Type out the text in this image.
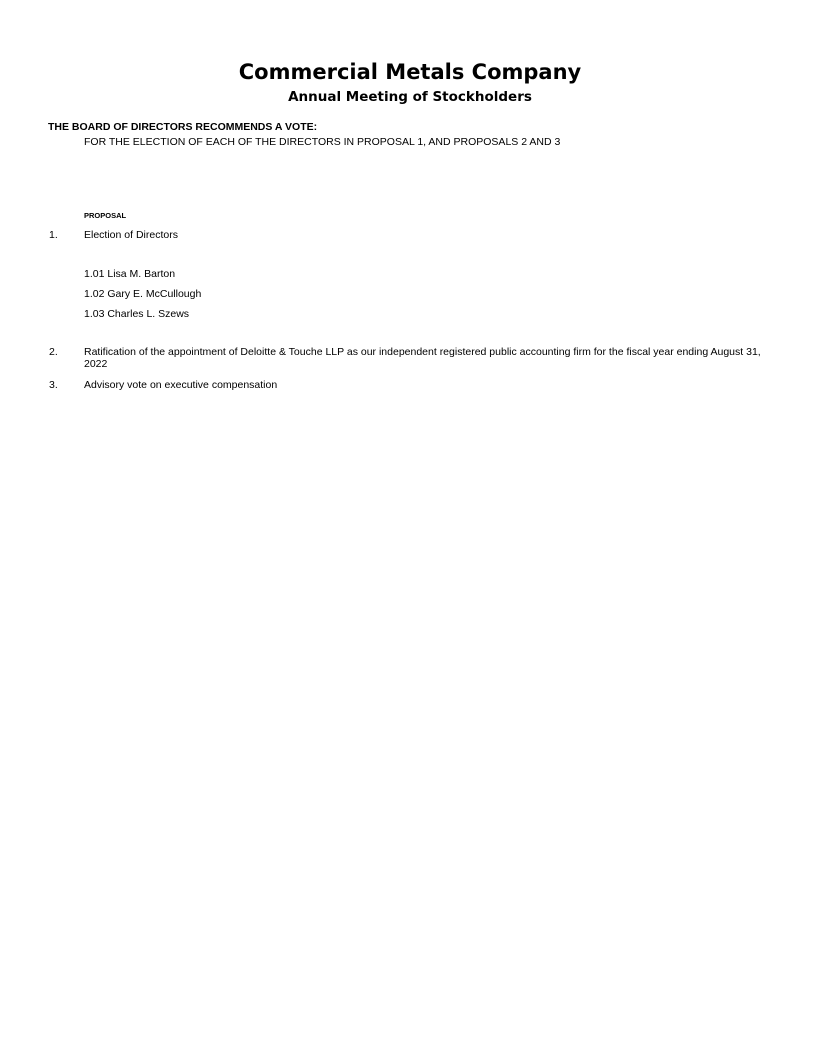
Commercial Metals Company
Annual Meeting of Stockholders
THE BOARD OF DIRECTORS RECOMMENDS A VOTE:
FOR THE ELECTION OF EACH OF THE DIRECTORS IN PROPOSAL 1, AND PROPOSALS 2 AND 3
PROPOSAL
1. Election of Directors
1.01 Lisa M. Barton
1.02 Gary E. McCullough
1.03 Charles L. Szews
2. Ratification of the appointment of Deloitte & Touche LLP as our independent registered public accounting firm for the fiscal year ending August 31, 2022
3. Advisory vote on executive compensation
